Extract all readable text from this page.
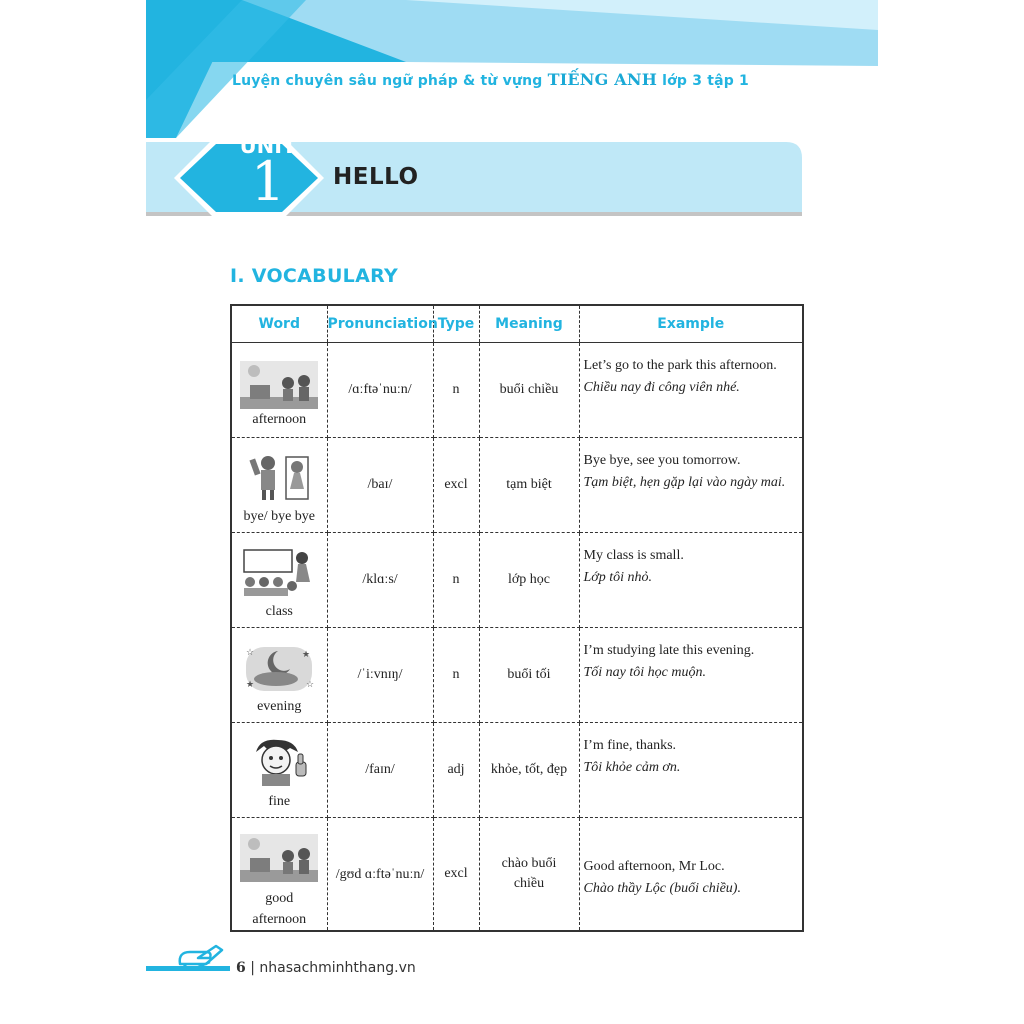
Luyện chuyên sâu ngữ pháp & từ vựng TIẾNG ANH lớp 3 tập 1
UNIT
1	HELLO
I. VOCABULARY
Word	Pronunciation	Type	Meaning	Example

afternoon	/ɑːftəˈnuːn/	n	buổi chiều	Let’s go to the park this afternoon.
Chiều nay đi công viên nhé.

bye/ bye bye	/baɪ/	excl	tạm biệt	Bye bye, see you tomorrow.
Tạm biệt, hẹn gặp lại vào ngày mai.

class	/klɑːs/	n	lớp học	My class is small.
Lớp tôi nhỏ.

☆ ★
☆
★
evening	/ˈiːvnɪŋ/	n	buổi tối	I’m studying late this evening.
Tối nay tôi học muộn.

fine	/faɪn/	adj	khỏe, tốt, đẹp	I’m fine, thanks.
Tôi khỏe cảm ơn.

good afternoon	/gʊd ɑːftəˈnuːn/	excl	chào buổi chiều	Good afternoon, Mr Loc.
Chào thầy Lộc (buổi chiều).
6 | nhasachminhthang.vn
